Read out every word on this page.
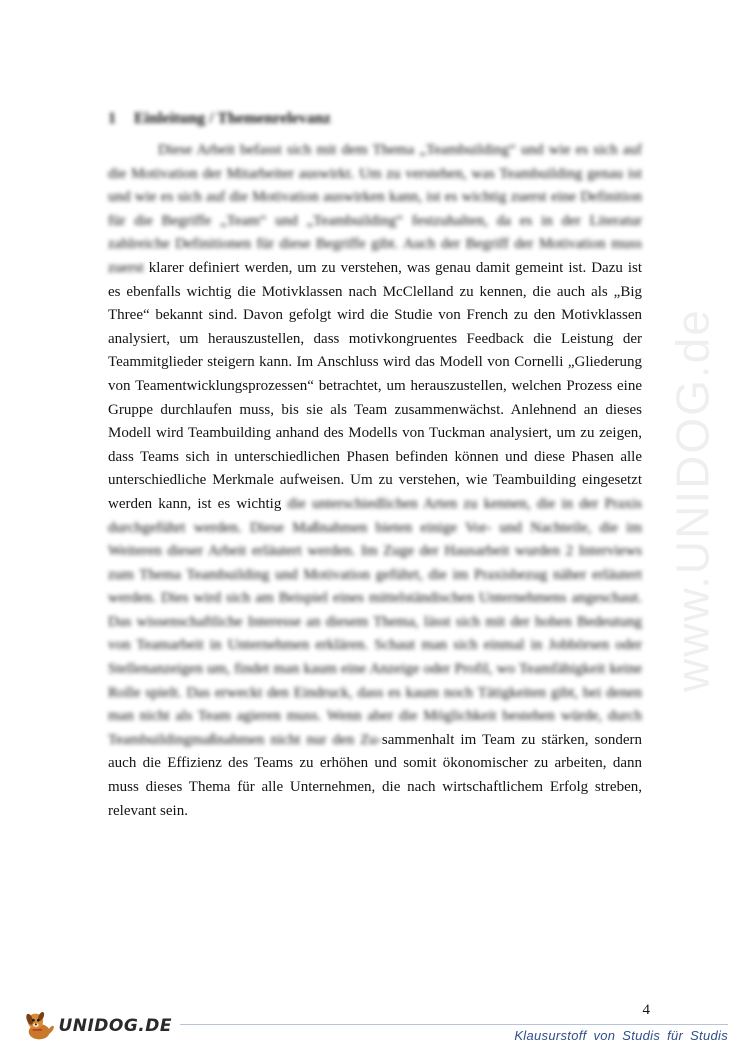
1 Einleitung / Themenrelevanz

Diese Arbeit befasst sich mit dem Thema „Teambuilding“ und wie es sich auf die Motivation der Mitarbeiter auswirkt. Um zu verstehen, was Teambuilding genau ist und wie es sich auf die Motivation auswirken kann, ist es wichtig zuerst eine Definition für die Begriffe „Team“ und „Teambuilding“ festzuhalten, da es in der Literatur zahlreiche Definitionen für diese Begriffe gibt. Auch der Begriff der Motivation muss zuerst klarer definiert werden, um zu verstehen, was genau damit gemeint ist. Dazu ist es ebenfalls wichtig die Motivklassen nach McClelland zu kennen, die auch als „Big Three“ bekannt sind. Davon gefolgt wird die Studie von French zu den Motivklassen analysiert, um herauszustellen, dass motivkongruentes Feedback die Leistung der Teammitglieder steigern kann. Im Anschluss wird das Modell von Cornelli „Gliederung von Teamentwicklungsprozessen“ betrachtet, um herauszustellen, welchen Prozess eine Gruppe durchlaufen muss, bis sie als Team zusammenwächst. Anlehnend an dieses Modell wird Teambuilding anhand des Modells von Tuckman analysiert, um zu zeigen, dass Teams sich in unterschiedlichen Phasen befinden können und diese Phasen alle unterschiedliche Merkmale aufweisen. Um zu verstehen, wie Teambuilding eingesetzt werden kann, ist es wichtig die unterschiedlichen Arten zu kennen, die in der Praxis durchgeführt werden. Diese Maßnahmen bieten einige Vor- und Nachteile, die im Weiteren dieser Arbeit erläutert werden. Im Zuge der Hausarbeit wurden 2 Interviews zum Thema Teambuilding und Motivation geführt, die im Praxisbezug näher erläutert werden. Dies wird sich am Beispiel eines mittelständischen Unternehmens angeschaut. Das wissenschaftliche Interesse an diesem Thema, lässt sich mit der hohen Bedeutung von Teamarbeit in Unternehmen erklären. Schaut man sich einmal in Jobbörsen oder Stellenanzeigen um, findet man kaum eine Anzeige oder Profil, wo Teamfähigkeit keine Rolle spielt. Das erweckt den Eindruck, dass es kaum noch Tätigkeiten gibt, bei denen man nicht als Team agieren muss. Wenn aber die Möglichkeit bestehen würde, durch Teambuildingmaßnahmen nicht nur den Zu-sammenhalt im Team zu stärken, sondern auch die Effizienz des Teams zu erhöhen und somit ökonomischer zu arbeiten, dann muss dieses Thema für alle Unternehmen, die nach wirtschaftlichem Erfolg streben, relevant sein.

www.UNIDOG.de
4
UNIDOG.DE	Klausurstoff von Studis für Studis
